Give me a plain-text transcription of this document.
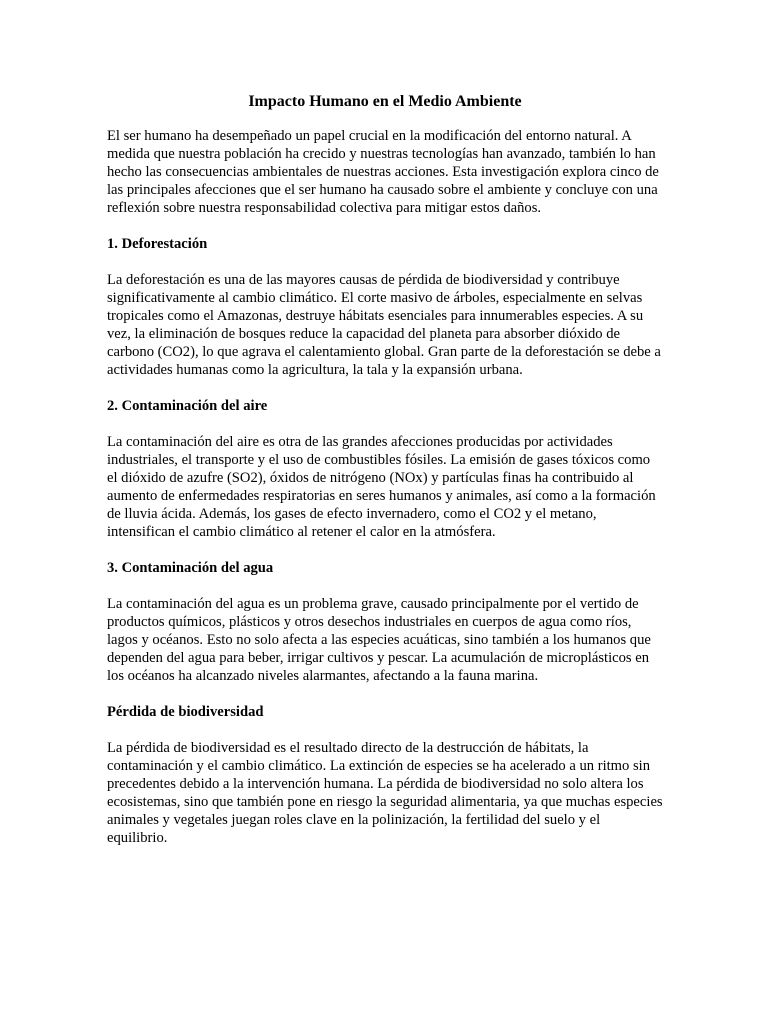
Impacto Humano en el Medio Ambiente
El ser humano ha desempeñado un papel crucial en la modificación del entorno natural. A medida que nuestra población ha crecido y nuestras tecnologías han avanzado, también lo han hecho las consecuencias ambientales de nuestras acciones. Esta investigación explora cinco de las principales afecciones que el ser humano ha causado sobre el ambiente y concluye con una reflexión sobre nuestra responsabilidad colectiva para mitigar estos daños.
1. Deforestación
La deforestación es una de las mayores causas de pérdida de biodiversidad y contribuye significativamente al cambio climático. El corte masivo de árboles, especialmente en selvas tropicales como el Amazonas, destruye hábitats esenciales para innumerables especies. A su vez, la eliminación de bosques reduce la capacidad del planeta para absorber dióxido de carbono (CO2), lo que agrava el calentamiento global. Gran parte de la deforestación se debe a actividades humanas como la agricultura, la tala y la expansión urbana.
2. Contaminación del aire
La contaminación del aire es otra de las grandes afecciones producidas por actividades industriales, el transporte y el uso de combustibles fósiles. La emisión de gases tóxicos como el dióxido de azufre (SO2), óxidos de nitrógeno (NOx) y partículas finas ha contribuido al aumento de enfermedades respiratorias en seres humanos y animales, así como a la formación de lluvia ácida. Además, los gases de efecto invernadero, como el CO2 y el metano, intensifican el cambio climático al retener el calor en la atmósfera.
3. Contaminación del agua
La contaminación del agua es un problema grave, causado principalmente por el vertido de productos químicos, plásticos y otros desechos industriales en cuerpos de agua como ríos, lagos y océanos. Esto no solo afecta a las especies acuáticas, sino también a los humanos que dependen del agua para beber, irrigar cultivos y pescar. La acumulación de microplásticos en los océanos ha alcanzado niveles alarmantes, afectando a la fauna marina.
Pérdida de biodiversidad
La pérdida de biodiversidad es el resultado directo de la destrucción de hábitats, la contaminación y el cambio climático. La extinción de especies se ha acelerado a un ritmo sin precedentes debido a la intervención humana. La pérdida de biodiversidad no solo altera los ecosistemas, sino que también pone en riesgo la seguridad alimentaria, ya que muchas especies animales y vegetales juegan roles clave en la polinización, la fertilidad del suelo y el equilibrio.
